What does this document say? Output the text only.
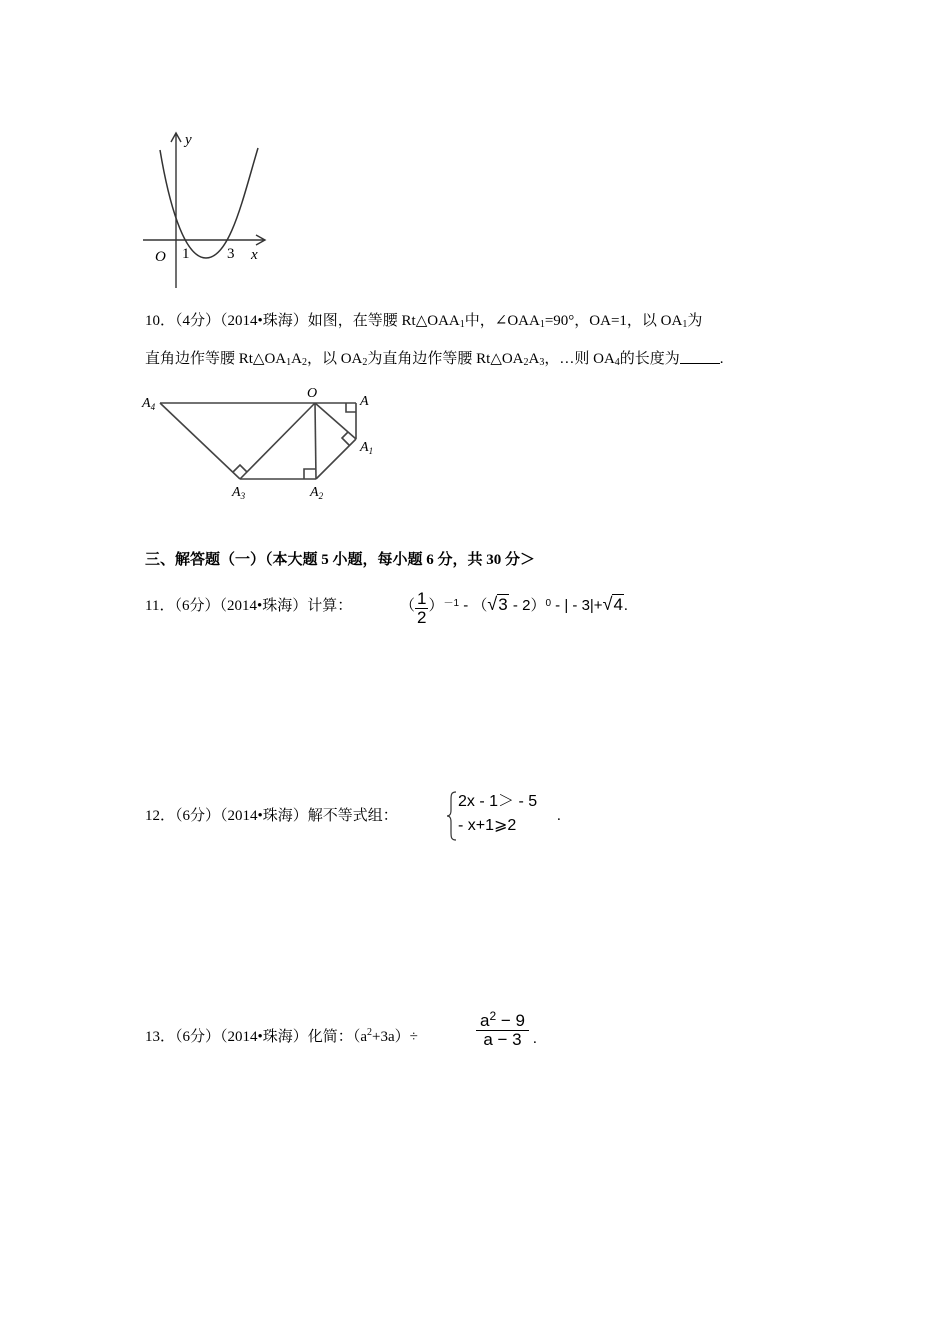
y
O 1	3 x
10．（4分）（2014•珠海）如图，在等腰 $Rt\triangle OAA_1$中，$\angle OAA_1=90^\circ$，OA=1，以 $OA_1$为
直角边作等腰 $Rt\triangle OA_1A_2$，以 $OA_2$为直角边作等腰 $Rt\triangle OA_2A_3$，…则 $OA_4$的长度为	.
$A_4$
O
A
$A_1$
$A_2$
$A_3$
三、解答题（一）（本大题 5 小题，每小题 6 分，共 30 分＞
11．（6分）（2014•珠海）计算：	（ $\frac{1}{2} )^{-1} - (√3 - 2)^0$ - | - 3|+√4.
12．（6分）（2014•珠海）解不等式组：
2x - 1＞ - 5
- x+1⩾2
.
13．（6分）（2014•珠海）化简：$(a^2+3a)\div$	$\frac{a^2 - 9}{a - 3}$ .
